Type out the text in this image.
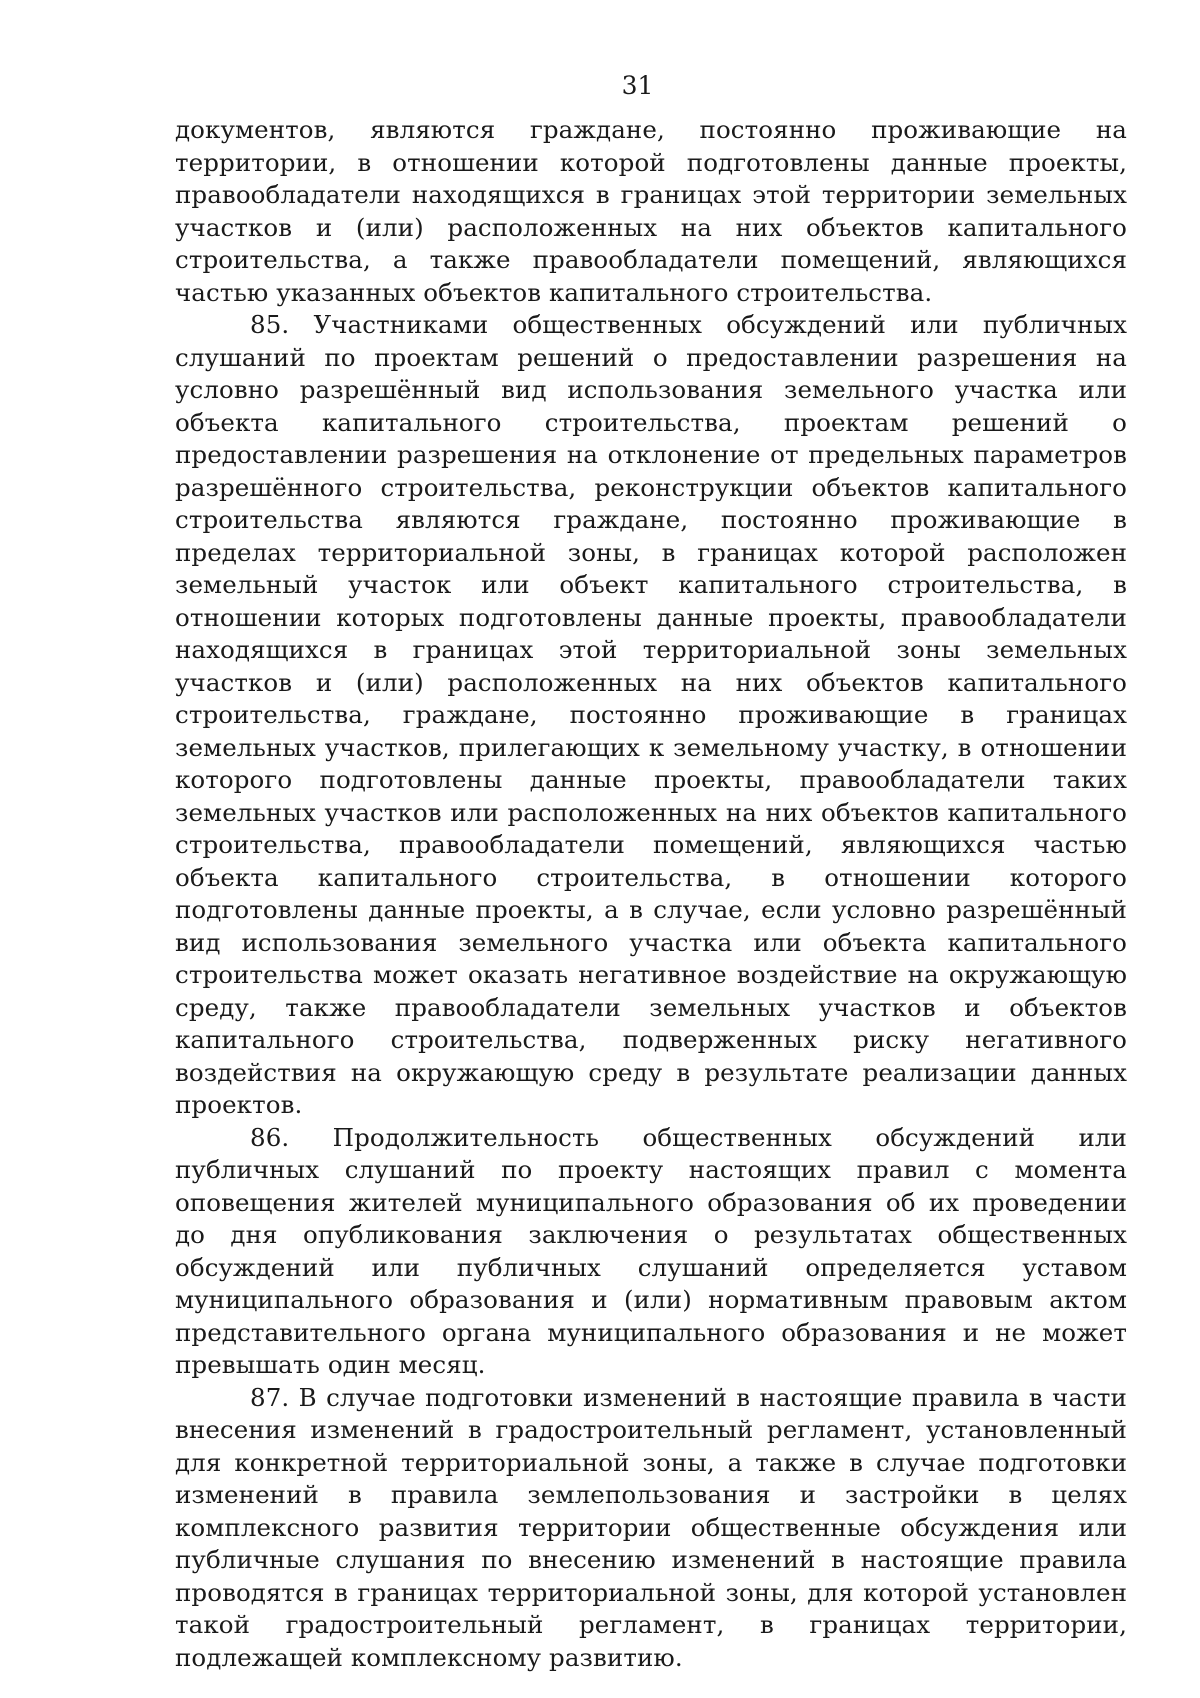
31

документов, являются граждане, постоянно проживающие на территории, в отношении которой подготовлены данные проекты, правообладатели находящихся в границах этой территории земельных участков и (или) расположенных на них объектов капитального строительства, а также правообладатели помещений, являющихся частью указанных объектов капитального строительства.

85. Участниками общественных обсуждений или публичных слушаний по проектам решений о предоставлении разрешения на условно разрешённый вид использования земельного участка или объекта капитального строительства, проектам решений о предоставлении разрешения на отклонение от предельных параметров разрешённого строительства, реконструкции объектов капитального строительства являются граждане, постоянно проживающие в пределах территориальной зоны, в границах которой расположен земельный участок или объект капитального строительства, в отношении которых подготовлены данные проекты, правообладатели находящихся в границах этой территориальной зоны земельных участков и (или) расположенных на них объектов капитального строительства, граждане, постоянно проживающие в границах земельных участков, прилегающих к земельному участку, в отношении которого подготовлены данные проекты, правообладатели таких земельных участков или расположенных на них объектов капитального строительства, правообладатели помещений, являющихся частью объекта капитального строительства, в отношении которого подготовлены данные проекты, а в случае, если условно разрешённый вид использования земельного участка или объекта капитального строительства может оказать негативное воздействие на окружающую среду, также правообладатели земельных участков и объектов капитального строительства, подверженных риску негативного воздействия на окружающую среду в результате реализации данных проектов.

86. Продолжительность общественных обсуждений или публичных слушаний по проекту настоящих правил с момента оповещения жителей муниципального образования об их проведении до дня опубликования заключения о результатах общественных обсуждений или публичных слушаний определяется уставом муниципального образования и (или) нормативным правовым актом представительного органа муниципального образования и не может превышать один месяц.

87. В случае подготовки изменений в настоящие правила в части внесения изменений в градостроительный регламент, установленный для конкретной территориальной зоны, а также в случае подготовки изменений в правила землепользования и застройки в целях комплексного развития территории общественные обсуждения или публичные слушания по внесению изменений в настоящие правила проводятся в границах территориальной зоны, для которой установлен такой градостроительный регламент, в границах территории, подлежащей комплексному развитию.
